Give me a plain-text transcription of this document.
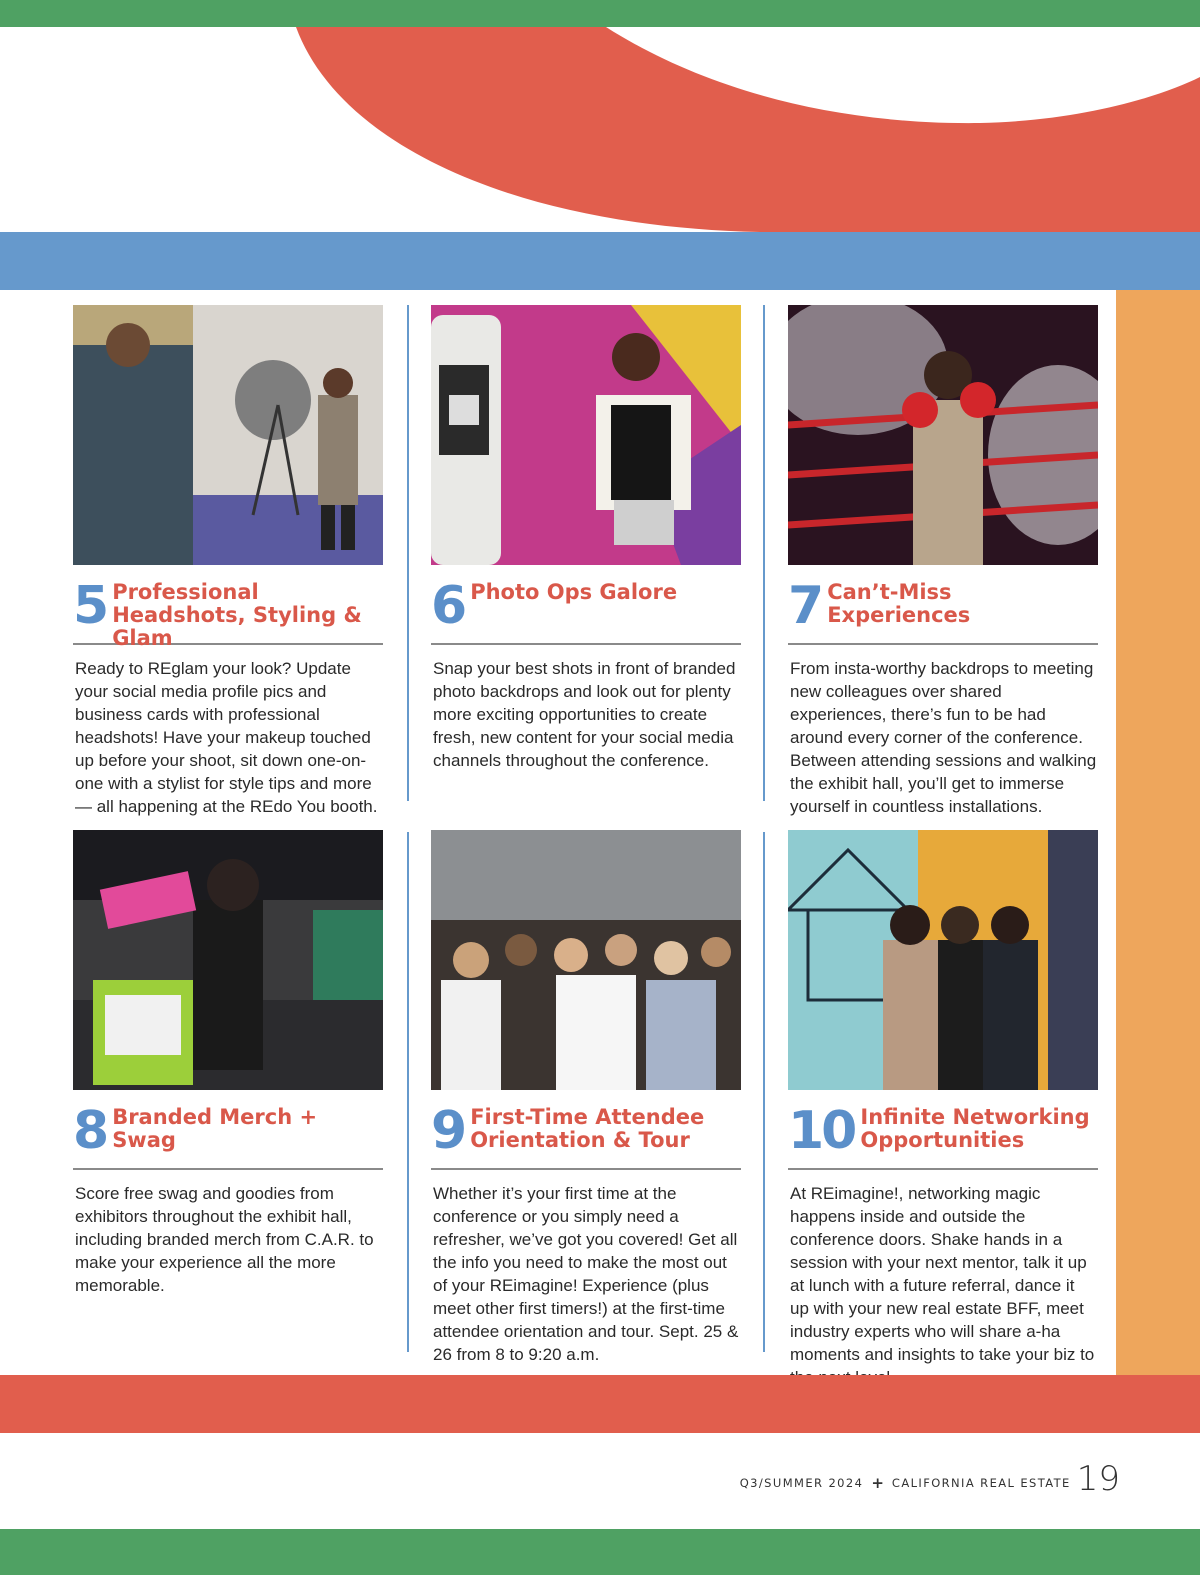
5 Professional Headshots, Styling & Glam
Ready to REglam your look? Update your social media profile pics and business cards with professional headshots! Have your makeup touched up before your shoot, sit down one-on-one with a stylist for style tips and more — all happening at the REdo You booth.
6 Photo Ops Galore
Snap your best shots in front of branded photo backdrops and look out for plenty more exciting opportunities to create fresh, new content for your social media channels throughout the conference.
7 Can’t-Miss Experiences
From insta-worthy backdrops to meeting new colleagues over shared experiences, there’s fun to be had around every corner of the conference. Between attending sessions and walking the exhibit hall, you’ll get to immerse yourself in countless installations.
8 Branded Merch + Swag
Score free swag and goodies from exhibitors throughout the exhibit hall, including branded merch from C.A.R. to make your experience all the more memorable.
9 First-Time Attendee Orientation & Tour
Whether it’s your first time at the conference or you simply need a refresher, we’ve got you covered! Get all the info you need to make the most out of your REimagine! Experience (plus meet other first timers!) at the first-time attendee orientation and tour. Sept. 25 & 26 from 8 to 9:20 a.m.
10 Infinite Networking Opportunities
At REimagine!, networking magic happens inside and outside the conference doors. Shake hands in a session with your next mentor, talk it up at lunch with a future referral, dance it up with your new real estate BFF, meet industry experts who will share a-ha moments and insights to take your biz to
Q3/SUMMER 2024 + CALIFORNIA REAL ESTATE 19
